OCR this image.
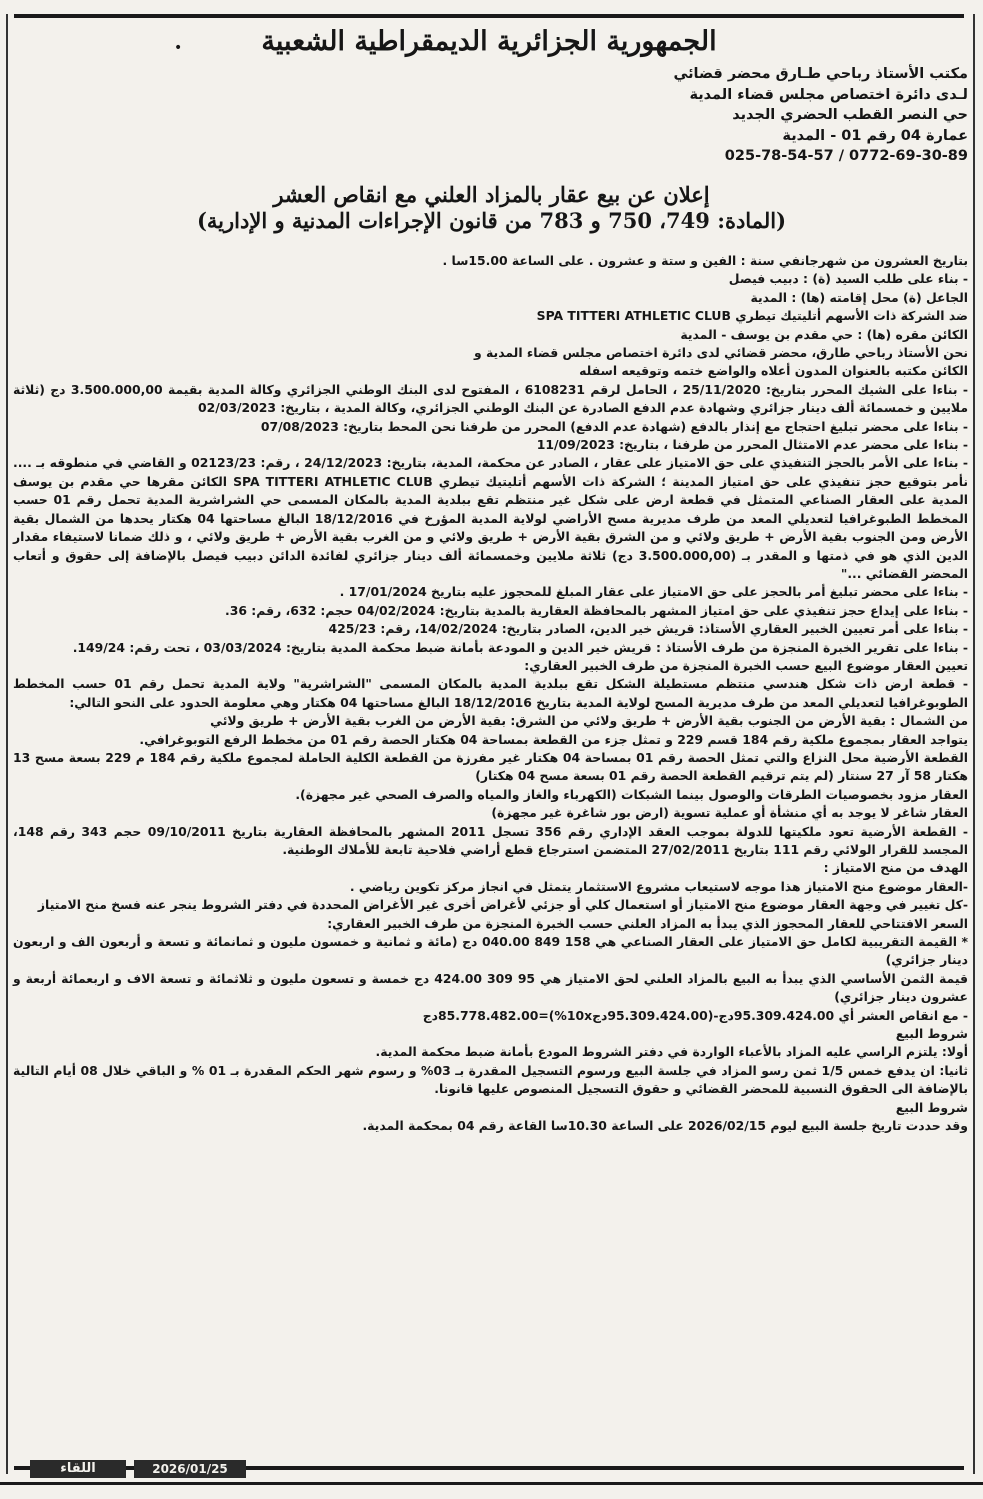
الجمهورية الجزائرية الديمقراطية الشعبية
•
مكتب الأستاذ رباحي طـارق محضر قضائي
لـدى دائرة اختصاص مجلس قضاء المدية
حي النصر القطب الحضري الجديد
عمارة 04 رقم 01 - المدية
025-78-54-57 / 0772-69-30-89
إعلان عن بيع عقار بالمزاد العلني مع انقاص العشر
(المادة: 749، 750 و 783 من قانون الإجراءات المدنية و الإدارية)

بتاريخ العشرون من شهرجانفي سنة : الفين و ستة و عشرون . على الساعة 15.00سا .

- بناء على طلب السيد (ة) : دبيب فيصل

الجاعل (ة) محل إقامته (ها) : المدية

ضد الشركة ذات الأسهم أتليتيك تيطري SPA TITTERI ATHLETIC CLUB

الكائن مقره (ها) : حي مقدم بن يوسف - المدية

نحن الأستاذ رباحي طارق، محضر قضائي لدى دائرة اختصاص مجلس قضاء المدية و

الكائن مكتبه بالعنوان المدون أعلاه والواضع ختمه وتوقيعه اسفله

- بناءا على الشيك المحرر بتاريخ: 25/11/2020 ، الحامل لرقم 6108231 ، المفتوح لدى البنك الوطني الجزائري وكالة المدية بقيمة 3.500.000,00 دج (ثلاثة ملايين و خمسمائة ألف دينار جزائري وشهادة عدم الدفع الصادرة عن البنك الوطني الجزائري، وكالة المدية ، بتاريخ: 02/03/2023

- بناءا على محضر تبليغ احتجاج مع إنذار بالدفع (شهادة عدم الدفع) المحرر من طرفنا نحن المحط بتاريخ: 07/08/2023

- بناءا على محضر عدم الامتثال المحرر من طرفنا ، بتاريخ: 11/09/2023

- بناءا على الأمر بالحجز التنفيذي على حق الامتياز على عقار ، الصادر عن محكمة، المدية، بتاريخ: 24/12/2023 ، رقم: 02123/23 و القاضي في منطوقه بـ .... نأمر بتوقيع حجز تنفيذي على حق امتياز المدينة ؛ الشركة ذات الأسهم أتليتيك تيطري SPA TITTERI ATHLETIC CLUB الكائن مقرها حي مقدم بن يوسف المدية على العقار الصناعي المتمثل في قطعة ارض على شكل غير منتظم تقع ببلدية المدية بالمكان المسمى حي الشراشرية المدية تحمل رقم 01 حسب المخطط الطبوغرافيا لتعديلي المعد من طرف مديرية مسح الأراضي لولاية المدية المؤرخ في 18/12/2016 البالغ مساحتها 04 هكتار يحدها من الشمال بقية الأرض ومن الجنوب بقية الأرض + طريق ولائي و من الشرق بقية الأرض + طريق ولائي و من الغرب بقية الأرض + طريق ولائي ، و ذلك ضمانا لاستيفاء مقدار الدين الذي هو في ذمتها و المقدر بـ (3.500.000,00 دج) ثلاثة ملايين وخمسمائة ألف دينار جزائري لفائدة الدائن دبيب فيصل بالإضافة إلى حقوق و أتعاب المحضر القضائي ..."

- بناءا على محضر تبليغ أمر بالحجز على حق الامتياز على عقار المبلغ للمحجوز عليه بتاريخ 17/01/2024 .

- بناءا على إيداع حجز تنفيذي على حق امتياز المشهر بالمحافظة العقارية بالمدية بتاريخ: 04/02/2024 حجم: 632، رقم: 36.

- بناءا على أمر تعيين الخبير العقاري الأستاذ: قريش خير الدين، الصادر بتاريخ: 14/02/2024، رقم: 425/23

- بناءا على تقرير الخبرة المنجزة من طرف الأستاذ : قريش خير الدين و المودعة بأمانة ضبط محكمة المدية بتاريخ: 03/03/2024 ، تحت رقم: 149/24.

تعيين العقار موضوع البيع حسب الخبرة المنجزة من طرف الخبير العقاري:

- قطعة ارض ذات شكل هندسي منتظم مستطيلة الشكل تقع ببلدية المدية بالمكان المسمى "الشراشرية" ولاية المدية تحمل رقم 01 حسب المخطط الطوبوغرافيا لتعديلي المعد من طرف مديرية المسح لولاية المدية بتاريخ 18/12/2016 البالغ مساحتها 04 هكتار وهي معلومة الحدود على النحو التالي:

من الشمال : بقية الأرض من الجنوب بقية الأرض + طريق ولائي من الشرق: بقية الأرض من الغرب بقية الأرض + طريق ولائي

يتواجد العقار بمجموع ملكية رقم 184 قسم 229 و تمثل جزء من القطعة بمساحة 04 هكتار الحصة رقم 01 من مخطط الرفع التوبوغرافي.

القطعة الأرضية محل النزاع والتي تمثل الحصة رقم 01 بمساحة 04 هكتار غير مفرزة من القطعة الكلية الحاملة لمجموع ملكية رقم 184 م 229 بسعة مسح 13 هكتار 58 آر 27 سنتار (لم يتم ترقيم القطعة الحصة رقم 01 بسعة مسح 04 هكتار)

العقار مزود بخصوصيات الطرقات والوصول بينما الشبكات (الكهرباء والغاز والمياه والصرف الصحي غير مجهزة).

العقار شاغر لا يوجد به أي منشأة أو عملية تسوية (ارض بور شاغرة غير مجهزة)

- القطعة الأرضية تعود ملكيتها للدولة بموجب العقد الإداري رقم 356 تسجل 2011 المشهر بالمحافظة العقارية بتاريخ 09/10/2011 حجم 343 رقم 148، المجسد للقرار الولائي رقم 111 بتاريخ 27/02/2011 المتضمن استرجاع قطع أراضي فلاحية تابعة للأملاك الوطنية.

الهدف من منح الامتياز :

-العقار موضوع منح الامتياز هذا موجه لاستيعاب مشروع الاستثمار يتمثل في انجاز مركز تكوين رياضي .

-كل تغيير في وجهة العقار موضوع منح الامتياز أو استعمال كلي أو جزئي لأغراض أخرى غير الأغراض المحددة في دفتر الشروط ينجر عنه فسخ منح الامتياز

السعر الافتتاحي للعقار المحجوز الذي يبدأ به المزاد العلني حسب الخبرة المنجزة من طرف الخبير العقاري:

* القيمة التقريبية لكامل حق الامتياز على العقار الصناعي هي 158 849 040.00 دج (مائة و ثمانية و خمسون مليون و ثمانمائة و تسعة و أربعون الف و اربعون دينار جزائري)

قيمة الثمن الأساسي الذي يبدأ به البيع بالمزاد العلني لحق الامتياز هي 95 309 424.00 دج خمسة و تسعون مليون و ثلاثمائة و تسعة الاف و اربعمائة أربعة و عشرون دينار جزائري)

- مع انقاص العشر أي 95.309.424.00دج-(95.309.424.00دج10x%)=85.778.482.00دج

شروط البيع

أولا: يلتزم الراسي عليه المزاد بالأعباء الواردة في دفتر الشروط المودع بأمانة ضبط محكمة المدية.

ثانيا: ان يدفع خمس 1/5 ثمن رسو المزاد في جلسة البيع ورسوم التسجيل المقدرة بـ 03% و رسوم شهر الحكم المقدرة بـ 01 % و الباقي خلال 08 أيام التالية بالإضافة الى الحقوق النسبية للمحضر القضائي و حقوق التسجيل المنصوص عليها قانونا.

شروط البيع

وقد حددت تاريخ جلسة البيع ليوم 2026/02/15 على الساعة 10.30سا القاعة رقم 04 بمحكمة المدية.

2026/01/25
اللقاء
